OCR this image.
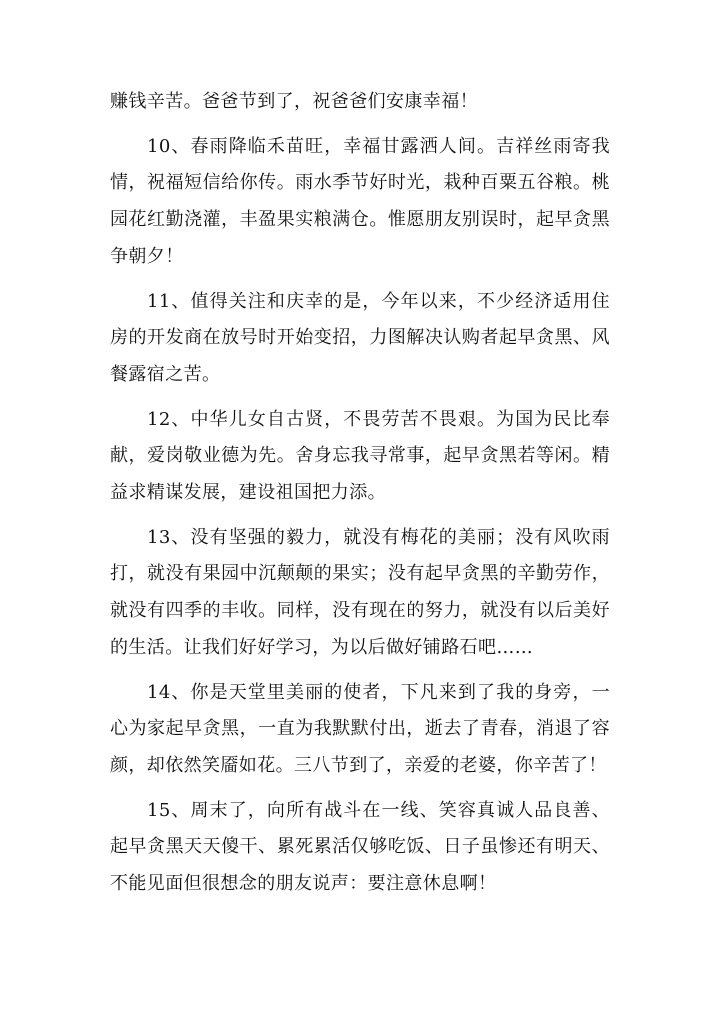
赚钱辛苦。爸爸节到了，祝爸爸们安康幸福！

10、春雨降临禾苗旺，幸福甘露洒人间。吉祥丝雨寄我情，祝福短信给你传。雨水季节好时光，栽种百粟五谷粮。桃园花红勤浇灌，丰盈果实粮满仓。惟愿朋友别误时，起早贪黑争朝夕！

11、值得关注和庆幸的是，今年以来，不少经济适用住房的开发商在放号时开始变招，力图解决认购者起早贪黑、风餐露宿之苦。

12、中华儿女自古贤，不畏劳苦不畏艰。为国为民比奉献，爱岗敬业德为先。舍身忘我寻常事，起早贪黑若等闲。精益求精谋发展，建设祖国把力添。

13、没有坚强的毅力，就没有梅花的美丽；没有风吹雨打，就没有果园中沉颠颠的果实；没有起早贪黑的辛勤劳作，就没有四季的丰收。同样，没有现在的努力，就没有以后美好的生活。让我们好好学习，为以后做好铺路石吧……

14、你是天堂里美丽的使者，下凡来到了我的身旁，一心为家起早贪黑，一直为我默默付出，逝去了青春，消退了容颜，却依然笑靥如花。三八节到了，亲爱的老婆，你辛苦了！

15、周末了，向所有战斗在一线、笑容真诚人品良善、起早贪黑天天傻干、累死累活仅够吃饭、日子虽惨还有明天、不能见面但很想念的朋友说声：要注意休息啊！
